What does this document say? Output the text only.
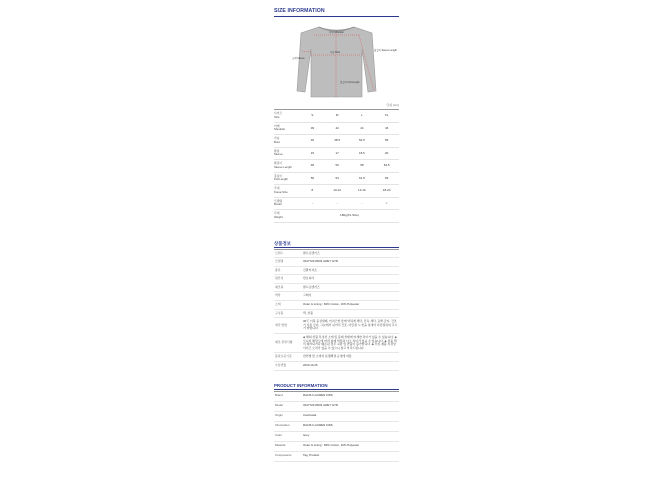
SIZE INFORMATION
어깨 Shoulder
가슴 Bust
총길이 Full Length
소매 Sleeve
팔길이 Sleeve Length
단위 (cm)
사이즈
Size	S	M	L	XL
어깨
Shoulder	39	42	44	46
가슴
Bust	46	48.5	52.5	55
팔통
Sleeve	15	17	18.5	20
팔길이
Sleeve Length	48	50	58	63.5
총길이
Full Length	50	54	61.5	69
국내
Korea Size	8	10-12	14-16	18-20
모델명
Model	-	-	-	✓
무게
Weight	186g(XL Size)			
상품정보
브랜드	랄프로렌키즈
모델명	323772210003 GREY HTR
종류	긴팔티셔츠
원산지	캄보디아
제조원	랄프로렌키즈
색상	그레이
소재	Outer & Lining : 84% Cotton, 16% Polyester
구성품	택, 상품
세탁 방법	30℃ 이하 중성세제, 미지근한 물에 약하게 세탁, 단독 세탁, 표백 금지, 건조기 사용 금지, 그늘에서 뉘어서 건조, 다림질 시 천을 덧대어 다림질하여 주시기 바랍니다.
제조 관련사항	◈ 해외 상품 특성상 소재 및 봉제 상태에 미세한 차이가 있을 수 있습니다. ◈ 모니터 해상도에 따라 실제 색상과 다소 차이가 있을 수 있습니다. ◈ 상품 택이 제거되거나 훼손된 경우 교환 및 반품이 불가합니다. ◈ 수입 제품 특성상 사이즈 오차가 있을 수 있으니 참고 부탁드립니다.
품질보증기준	관련법 및 소비자 분쟁해결 규정에 따름
수입연월	2020.10.26
PRODUCT INFORMATION
Brand	RALPH LAUREN KIDS
Model	323772210003 GREY HTR
Origin	Cambodia
Information	RALPH LAUREN KIDS
Color	Grey
Material	Outer & Lining : 84% Cotton, 16% Polyester
Components	Tag, Product
